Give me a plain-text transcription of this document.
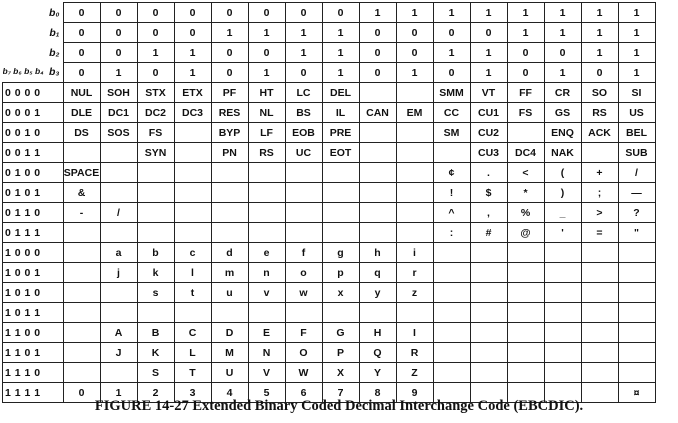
b₀	0	0	0	0	0	0	0	0	1	1	1	1	1	1	1	1
b₁	0	0	0	0	1	1	1	1	0	0	0	0	1	1	1	1
b₂	0	0	1	1	0	0	1	1	0	0	1	1	0	0	1	1

b₇ b₆ b₅ b₄ b₃	0	1	0	1	0	1	0	1	0	1	0	1	0	1	0	1
0 0 0 0	NUL	SOH	STX	ETX	PF	HT	LC	DEL			SMM	VT	FF	CR	SO	SI
0 0 0 1	DLE	DC1	DC2	DC3	RES	NL	BS	IL	CAN	EM	CC	CU1	FS	GS	RS	US
0 0 1 0	DS	SOS	FS		BYP	LF	EOB	PRE			SM	CU2		ENQ	ACK	BEL
0 0 1 1			SYN		PN	RS	UC	EOT				CU3	DC4	NAK		SUB
0 1 0 0	SPACE										¢	.	<	(	+	/
0 1 0 1	&										!	$	*	)	;	—
0 1 1 0	-	/									^	,	%	_	>	?
0 1 1 1											:	#	@	'	=	"
1 0 0 0		a	b	c	d	e	f	g	h	i						
1 0 0 1		j	k	l	m	n	o	p	q	r						
1 0 1 0			s	t	u	v	w	x	y	z						
1 0 1 1																
1 1 0 0		A	B	C	D	E	F	G	H	I						
1 1 0 1		J	K	L	M	N	O	P	Q	R						
1 1 1 0			S	T	U	V	W	X	Y	Z						
1 1 1 1	0	1	2	3	4	5	6	7	8	9						¤
FIGURE 14-27 Extended Binary Coded Decimal Interchange Code (EBCDIC).
